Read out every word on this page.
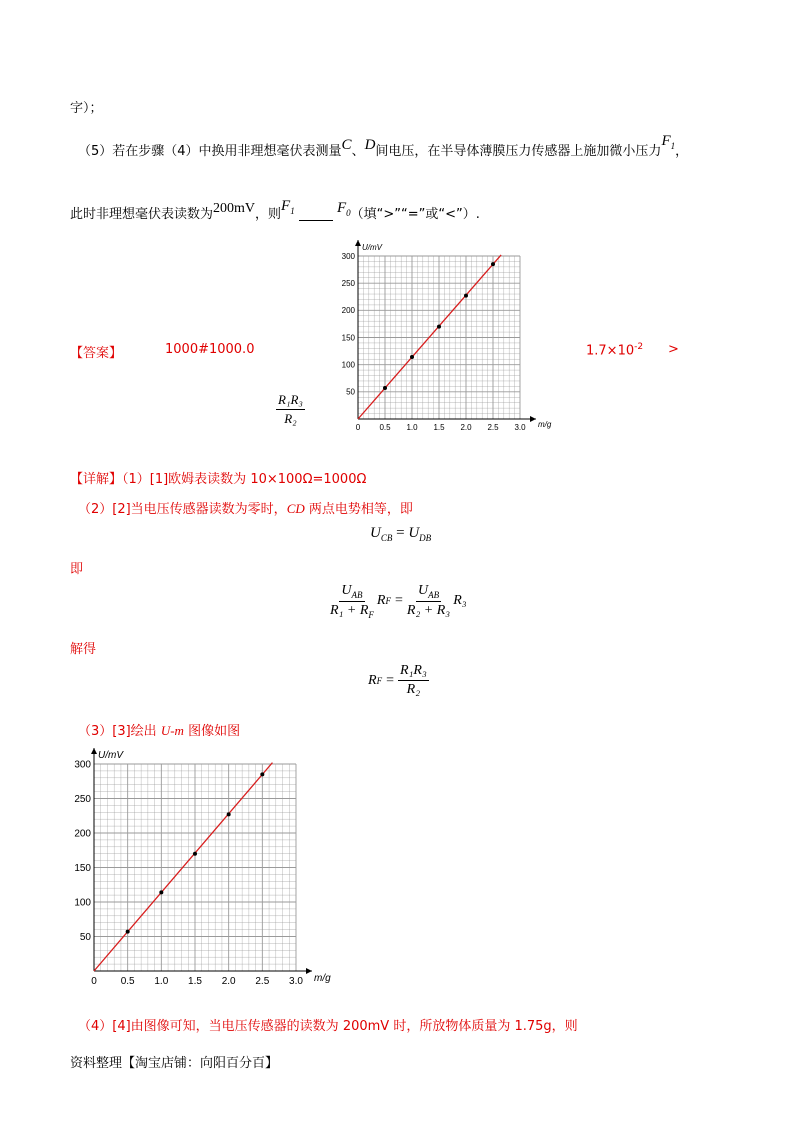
字）；
（5）若在步骤（4）中换用非理想毫伏表测量C、D间电压，在半导体薄膜压力传感器上施加微小压力$F_1$，
此时非理想毫伏表读数为200mV，则$F_1$	$F_0$（填“>”“=”或“<”）.
【答案】	1000#1000.0	$1.7\times 10^{-2}$ >
$\frac{\text{R₁R₃}}{\text{R₂}}$
0 0.5 1.0 1.5 2.0 2.5 3.0
50
100
150
200
250
300
U/mV
m/g
【详解】（1）[1]欧姆表读数为 10×100Ω=1000Ω
（2）[2]当电压传感器读数为零时，CD 两点电势相等，即
$U_{CB} = U_{DB}$
即
$\frac{U_{AB}}{R_1 + R_F}$ R $F = \frac{U_{AB}}{\text{R₂ + R₃}} R_3$
解得
R $F = \frac{\text{R₁R₃}}{\text{R₂}}$
（3）[3]绘出 U-m 图像如图
0 0.5 1.0 1.5 2.0 2.5 3.0
50
100
150
200
250
300
U/mV
m/g
（4）[4]由图像可知，当电压传感器的读数为 200mV 时，所放物体质量为 1.75g，则
资料整理【淘宝店铺：向阳百分百】
